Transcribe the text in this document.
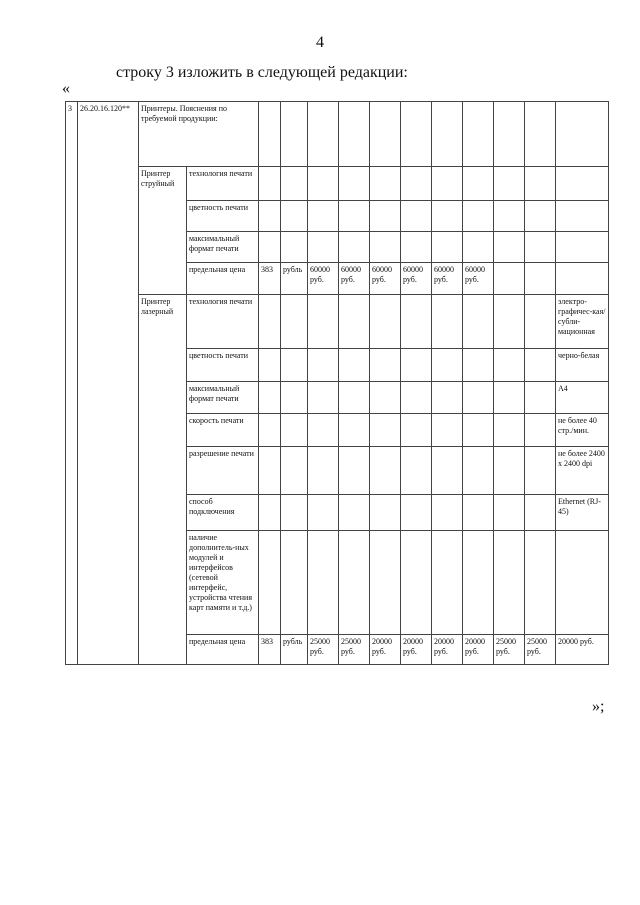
4
строку 3 изложить в следующей редакции:
«
3	26.20.16.120**	Принтеры. Пояснения по требуемой продукции:												
		Принтер струйный	технология печати											
			цветность печати											
			максимальный формат печати											
			предельная цена	383	рубль	60000 руб.	60000 руб.	60000 руб.	60000 руб.	60000 руб.	60000 руб.			
		Принтер лазерный	технология печати											электро-графичес-кая/субли-мационная
			цветность печати											черно-белая
			максимальный формат печати											А4
			скорость печати											не более 40 стр./мин.
			разрешение печати											не более 2400 x 2400 dpi
			способ подключения											Ethernet (RJ-45)
			наличие дополнитель-ных модулей и интерфейсов (сетевой интерфейс, устройства чтения карт памяти и т.д.)											
			предельная цена	383	рубль	25000 руб.	25000 руб.	20000 руб.	20000 руб.	20000 руб.	20000 руб.	25000 руб.	25000 руб.	20000 руб.
»;
